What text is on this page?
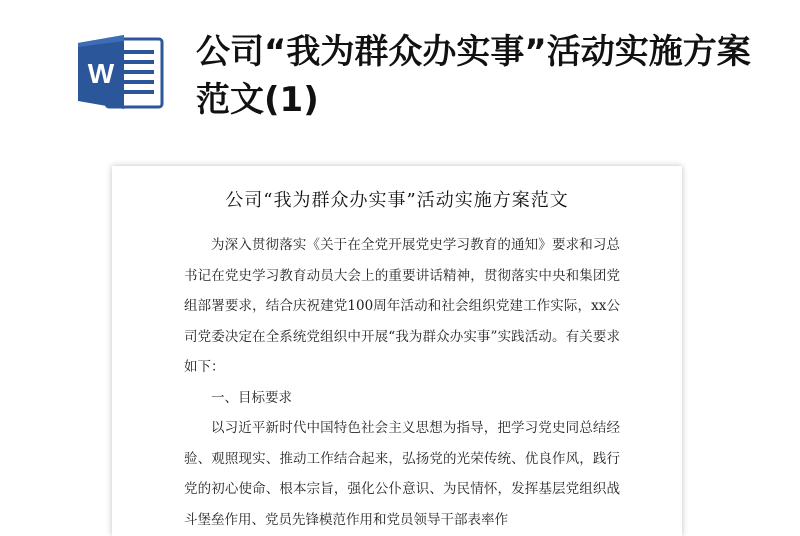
W
公司“我为群众办实事”活动实施方案范文(1)
公司“我为群众办实事”活动实施方案范文

为深入贯彻落实《关于在全党开展党史学习教育的通知》要求和习总书记在党史学习教育动员大会上的重要讲话精神，贯彻落实中央和集团党组部署要求，结合庆祝建党100周年活动和社会组织党建工作实际，xx公司党委决定在全系统党组织中开展“我为群众办实事”实践活动。有关要求如下：

一、目标要求

以习近平新时代中国特色社会主义思想为指导，把学习党史同总结经验、观照现实、推动工作结合起来，弘扬党的光荣传统、优良作风，践行党的初心使命、根本宗旨，强化公仆意识、为民情怀，发挥基层党组织战斗堡垒作用、党员先锋模范作用和党员领导干部表率作
